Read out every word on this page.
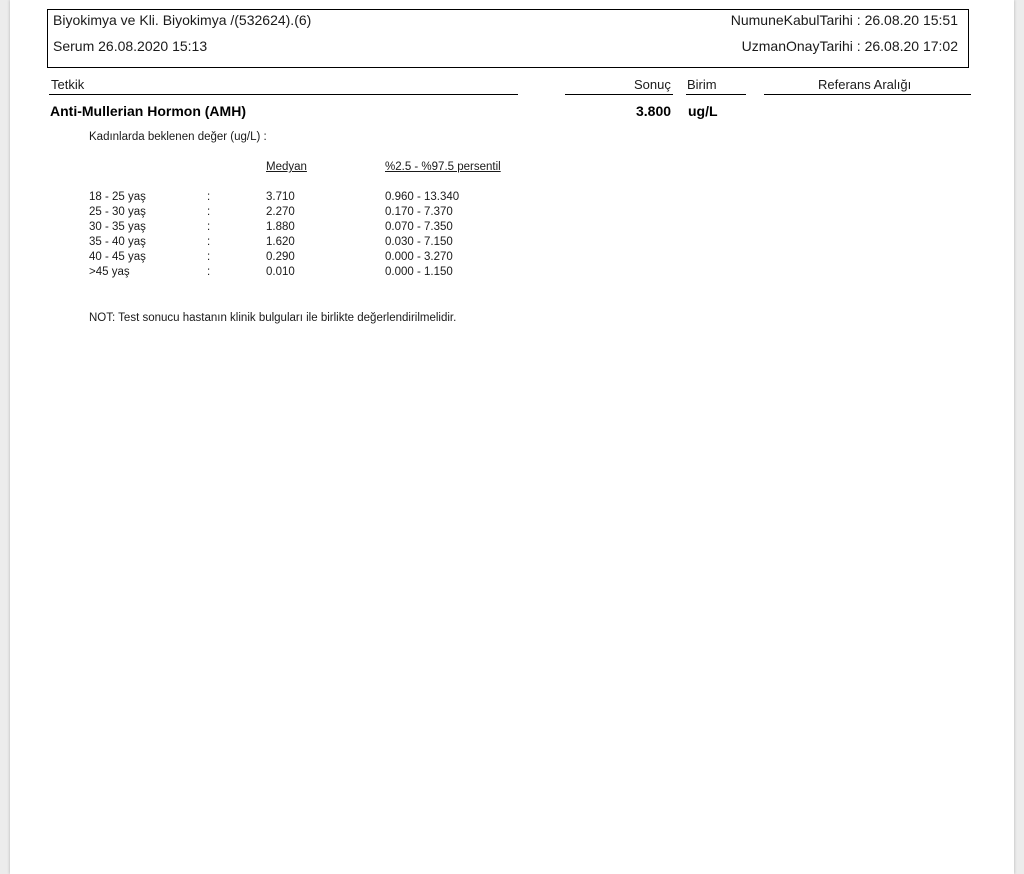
Biyokimya ve Kli. Biyokimya /(532624).(6)
Serum 26.08.2020 15:13
NumuneKabulTarihi : 26.08.20 15:51
UzmanOnayTarihi : 26.08.20 17:02
Tetkik	Sonuç Birim	Referans Aralığı
Anti-Mullerian Hormon (AMH)	3.800 ug/L
Kadınlarda beklenen değer (ug/L) :
Medyan	%2.5 - %97.5 persentil
18 - 25 yaş	:	3.710	0.960 - 13.340
25 - 30 yaş	:	2.270	0.170 - 7.370
30 - 35 yaş	:	1.880	0.070 - 7.350
35 - 40 yaş	:	1.620	0.030 - 7.150
40 - 45 yaş	:	0.290	0.000 - 3.270
>45 yaş	:	0.010	0.000 - 1.150
NOT: Test sonucu hastanın klinik bulguları ile birlikte değerlendirilmelidir.
